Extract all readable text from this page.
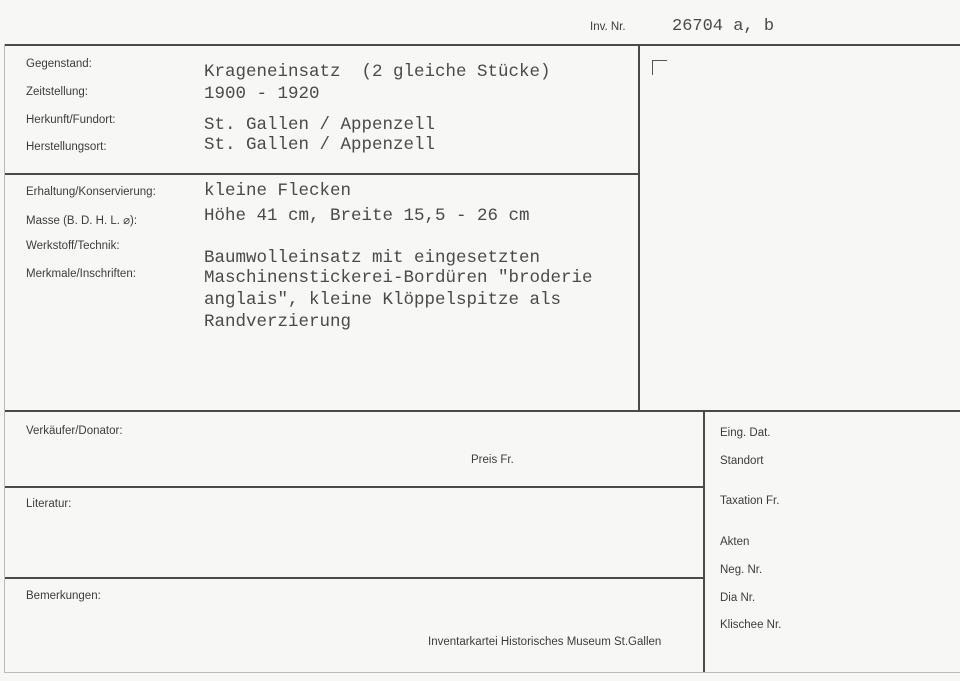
Inv. Nr.	26704 a, b
Gegenstand:
Zeitstellung:
Herkunft/Fundort:
Herstellungsort:
Krageneinsatz  (2 gleiche Stücke)
1900 - 1920
St. Gallen / Appenzell
St. Gallen / Appenzell
Erhaltung/Konservierung:
Masse (B. D. H. L. ⌀):
Werkstoff/Technik:
Merkmale/Inschriften:
kleine Flecken
Höhe 41 cm, Breite 15,5 - 26 cm
Baumwolleinsatz mit eingesetzten
Maschinenstickerei-Bordüren "broderie
anglais", kleine Klöppelspitze als
Randverzierung
Verkäufer/Donator:
Preis Fr.
Literatur:
Bemerkungen:
Inventarkartei Historisches Museum St.Gallen
Eing. Dat.
Standort
Taxation Fr.
Akten
Neg. Nr.
Dia Nr.
Klischee Nr.
